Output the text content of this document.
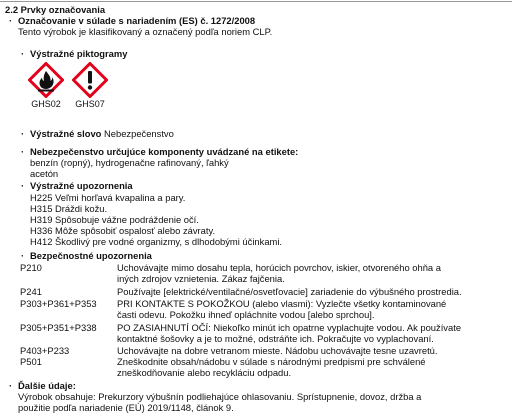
2.2 Prvky označovania
· Označovanie v súlade s nariadením (ES) č. 1272/2008
Tento výrobok je klasifikovaný a označený podľa noriem CLP.
· Výstražné piktogramy
GHS02	GHS07
· Výstražné slovo Nebezpečenstvo
· Nebezpečenstvo určujúce komponenty uvádzané na etikete:
benzín (ropný), hydrogenačne rafinovaný, ľahký
acetón
· Výstražné upozornenia
H225 Veľmi horľavá kvapalina a pary.
H315 Dráždi kožu.
H319 Spôsobuje vážne podráždenie očí.
H336 Môže spôsobiť ospalosť alebo závraty.
H412 Škodlivý pre vodné organizmy, s dlhodobými účinkami.
· Bezpečnostné upozornenia
P210	Uchovávajte mimo dosahu tepla, horúcich povrchov, iskier, otvoreného ohňa a
iných zdrojov vznietenia. Zákaz fajčenia.
P241	Používajte [elektrické/ventilačné/osvetľovacie] zariadenie do výbušného prostredia.
P303+P361+P353 PRI KONTAKTE S POKOŽKOU (alebo vlasmi): Vyzlečte všetky kontaminované
časti odevu. Pokožku ihneď opláchnite vodou [alebo sprchou].
P305+P351+P338 PO ZASIAHNUTÍ OČÍ: Niekoľko minút ich opatrne vyplachujte vodou. Ak používate
kontaktné šošovky a je to možné, odstráňte ich. Pokračujte vo vyplachovaní.
P403+P233	Uchovávajte na dobre vetranom mieste. Nádobu uchovávajte tesne uzavretú.
P501	Zneškodnite obsah/nádobu v súlade s národnými predpismi pre schválené
zneškodňovanie alebo recykláciu odpadu.
· Ďalšie údaje:
Výrobok obsahuje: Prekurzory výbušnín podliehajúce ohlasovaniu. Sprístupnenie, dovoz, držba a
použitie podľa nariadenie (EÚ) 2019/1148, článok 9.
